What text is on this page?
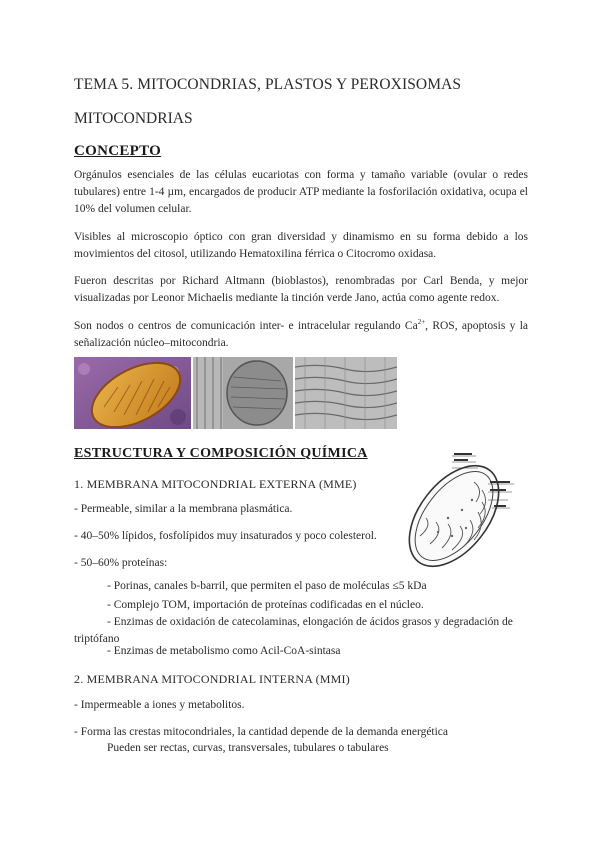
TEMA 5. MITOCONDRIAS, PLASTOS Y PEROXISOMAS
MITOCONDRIAS
CONCEPTO
Orgánulos esenciales de las células eucariotas con forma y tamaño variable (ovular o redes tubulares) entre 1-4 µm, encargados de producir ATP mediante la fosforilación oxidativa, ocupa el 10% del volumen celular.
Visibles al microscopio óptico con gran diversidad y dinamismo en su forma debido a los movimientos del citosol, utilizando Hematoxilina férrica o Citocromo oxidasa.
Fueron descritas por Richard Altmann (bioblastos), renombradas por Carl Benda, y mejor visualizadas por Leonor Michaelis mediante la tinción verde Jano, actúa como agente redox.
Son nodos o centros de comunicación inter- e intracelular regulando $Ca^{2+}$, ROS, apoptosis y la señalización núcleo–mitocondria.
ESTRUCTURA Y COMPOSICIÓN QUÍMICA
1. MEMBRANA MITOCONDRIAL EXTERNA (MME)
- Permeable, similar a la membrana plasmática.
- 40–50% lípidos, fosfolípidos muy insaturados y poco colesterol.
- 50–60% proteínas:
- Porinas, canales b-barril, que permiten el paso de moléculas ≤5 kDa
- Complejo TOM, importación de proteínas codificadas en el núcleo.
- Enzimas de oxidación de catecolaminas, elongación de ácidos grasos y degradación de triptófano
- Enzimas de metabolismo como Acil-CoA-sintasa
2. MEMBRANA MITOCONDRIAL INTERNA (MMI)
- Impermeable a iones y metabolitos.
- Forma las crestas mitocondriales, la cantidad depende de la demanda energética
Pueden ser rectas, curvas, transversales, tubulares o tabulares
